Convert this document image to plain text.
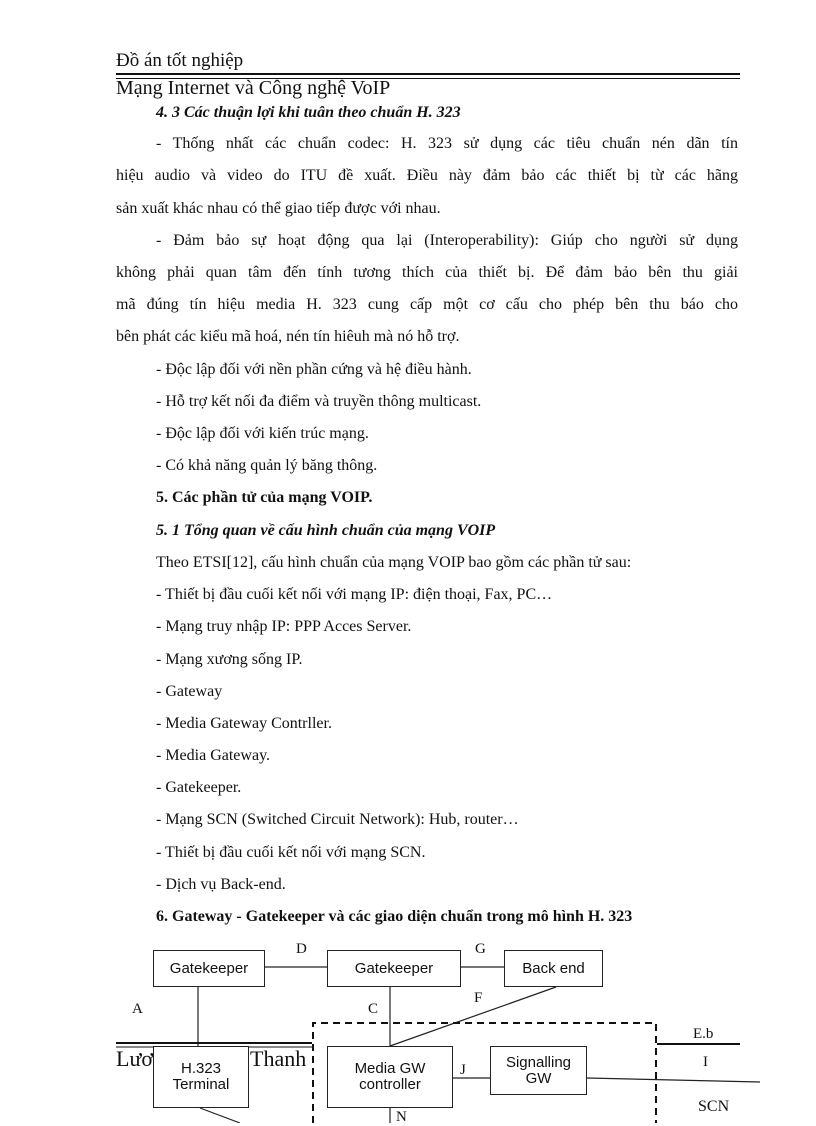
Đồ án tốt nghiệp
Mạng Internet và Công nghệ VoIP
4. 3 Các thuận lợi khi tuân theo chuẩn H. 323
- Thống nhất các chuẩn codec: H. 323 sử dụng các tiêu chuẩn nén dãn tín
hiệu audio và video do ITU đề xuất. Điều này đảm bảo các thiết bị từ các hãng
sản xuất khác nhau có thể giao tiếp được với nhau.
- Đảm bảo sự hoạt động qua lại (Interoperability): Giúp cho người sử dụng
không phải quan tâm đến tính tương thích của thiết bị. Để đảm bảo bên thu giải
mã đúng tín hiệu media H. 323 cung cấp một cơ cấu cho phép bên thu báo cho
bên phát các kiểu mã hoá, nén tín hiêuh mà nó hỗ trợ.
- Độc lập đối với nền phần cứng và hệ điều hành.
- Hỗ trợ kết nối đa điểm và truyền thông multicast.
- Độc lập đối với kiến trúc mạng.
- Có khả năng quản lý băng thông.
5. Các phần tử của mạng VOIP.
5. 1 Tổng quan về cấu hình chuẩn của mạng VOIP
Theo ETSI[12], cấu hình chuẩn của mạng VOIP bao gồm các phần tử sau:
- Thiết bị đầu cuối kết nối với mạng IP: điện thoại, Fax, PC…
- Mạng truy nhập IP: PPP Acces Server.
- Mạng xương sống IP.
- Gateway
- Media Gateway Contrller.
- Media Gateway.
- Gatekeeper.
- Mạng SCN (Switched Circuit Network): Hub, router…
- Thiết bị đầu cuối kết nối với mạng SCN.
- Dịch vụ Back-end.
6. Gateway - Gatekeeper và các giao diện chuẩn trong mô hình H. 323
Gatekeeper	Gatekeeper	Back end
D	G
A	C
F
E.b
Lươ	Thanh
H.323
Terminal
Media GW
controller
Signalling
GW
J	I
SCN
N
